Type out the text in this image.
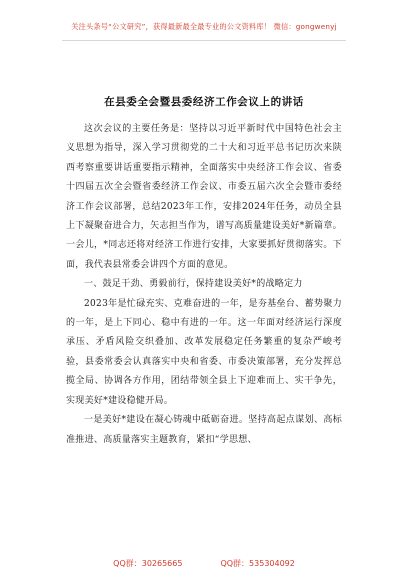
关注头条号“公文研究”，获得最新最全最专业的公文资料库！ 微信：gongwenyj
在县委全会暨县委经济工作会议上的讲话

这次会议的主要任务是：坚持以习近平新时代中国特色社会主义思想为指导，深入学习贯彻党的二十大和习近平总书记历次来陕西考察重要讲话重要指示精神，全面落实中央经济工作会议、省委十四届五次全会暨省委经济工作会议、市委五届六次全会暨市委经济工作会议部署，总结2023年工作，安排2024年任务，动员全县上下凝聚奋进合力，矢志担当作为，谱写高质量建设美好*新篇章。一会儿，*同志还将对经济工作进行安排，大家要抓好贯彻落实。下面，我代表县常委会讲四个方面的意见。

一、鼓足干劲、勇毅前行，保持建设美好*的战略定力

2023年是忙碌充实、克难奋进的一年，是夯基垒台、蓄势聚力的一年，是上下同心、稳中有进的一年。这一年面对经济运行深度承压、矛盾风险交织叠加、改革发展稳定任务繁重的复杂严峻考验，县委常委会认真落实中央和省委、市委决策部署，充分发挥总揽全局、协调各方作用，团结带领全县上下迎难而上、实干争先，实现美好*建设稳健开局。

一是美好*建设在凝心铸魂中砥砺奋进。坚持高起点谋划、高标准推进、高质量落实主题教育，紧扣“学思想、

QQ群：30265665	QQ群：535304092
